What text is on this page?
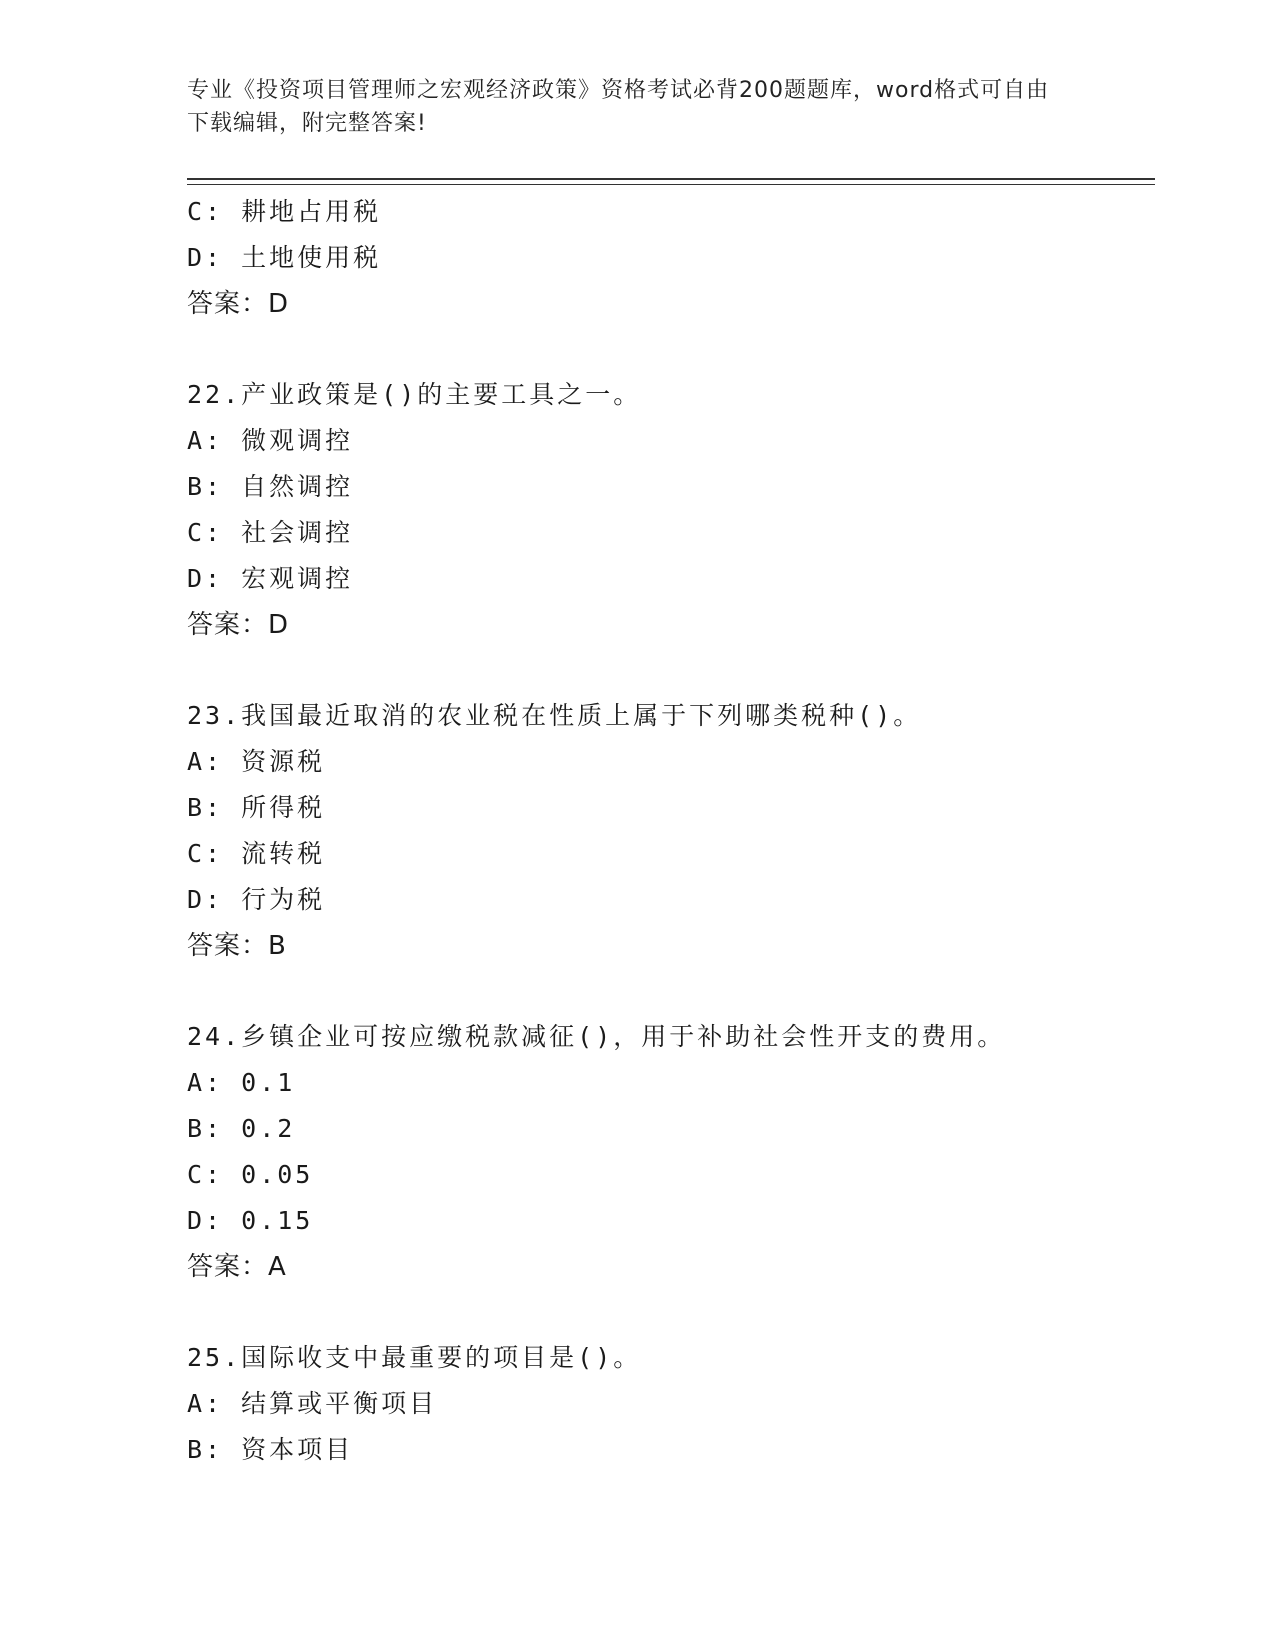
专业《投资项目管理师之宏观经济政策》资格考试必背200题题库，word格式可自由下载编辑，附完整答案!
C: 耕地占用税
D: 土地使用税
答案：D
22.产业政策是()的主要工具之一。
A: 微观调控
B: 自然调控
C: 社会调控
D: 宏观调控
答案：D
23.我国最近取消的农业税在性质上属于下列哪类税种()。
A: 资源税
B: 所得税
C: 流转税
D: 行为税
答案：B
24.乡镇企业可按应缴税款减征()，用于补助社会性开支的费用。
A: 0.1
B: 0.2
C: 0.05
D: 0.15
答案：A
25.国际收支中最重要的项目是()。
A: 结算或平衡项目
B: 资本项目
